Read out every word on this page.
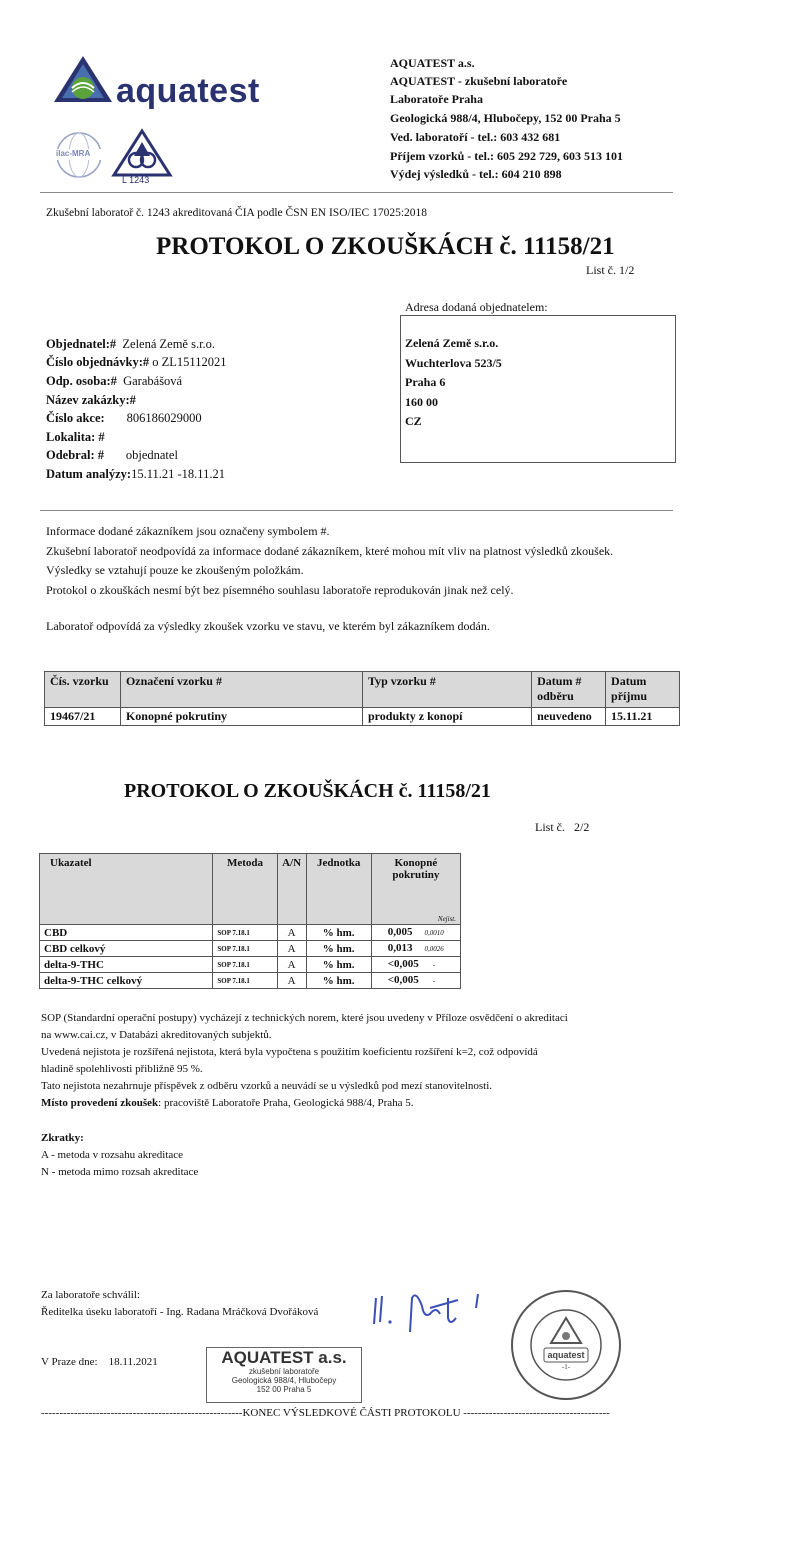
aquatest
ilac-MRA
L 1243
AQUATEST a.s.
AQUATEST - zkušební laboratoře
Laboratoře Praha
Geologická 988/4, Hlubočepy, 152 00 Praha 5
Ved. laboratoří - tel.: 603 432 681
Příjem vzorků - tel.: 605 292 729, 603 513 101
Výdej výsledků - tel.: 604 210 898
Zkušební laboratoř č. 1243 akreditovaná ČIA podle ČSN EN ISO/IEC 17025:2018
PROTOKOL O ZKOUŠKÁCH č. 11158/21
List č. 1/2
Adresa dodaná objednatelem:
Zelená Země s.r.o.
Wuchterlova 523/5
Praha 6
160 00
CZ
Objednatel:#  Zelená Země s.r.o.
Číslo objednávky:# o ZL15112021
Odp. osoba:#  Garabášová
Název zakázky:#
Číslo akce:       806186029000
Lokalita: #
Odebral: #       objednatel
Datum analýzy:15.11.21 -18.11.21
Informace dodané zákazníkem jsou označeny symbolem #.
Zkušební laboratoř neodpovídá za informace dodané zákazníkem, které mohou mít vliv na platnost výsledků zkoušek.
Výsledky se vztahují pouze ke zkoušeným položkám.
Protokol o zkouškách nesmí být bez písemného souhlasu laboratoře reprodukován jinak než celý.
Laboratoř odpovídá za výsledky zkoušek vzorku ve stavu, ve kterém byl zákazníkem dodán.
Čís. vzorku	Označení vzorku #	Typ vzorku #	Datum # odběru	Datum příjmu
19467/21	Konopné pokrutiny	produkty z konopí	neuvedeno	15.11.21
PROTOKOL O ZKOUŠKÁCH č. 11158/21
List č.   2/2
Ukazatel	Metoda	A/N	Jednotka	Konopné pokrutiny
Nejist.

CBD	SOP 7.18.1	A	% hm.	0,005 0,0010
CBD celkový	SOP 7.18.1	A	% hm.	0,013 0,0026
delta-9-THC	SOP 7.18.1	A	% hm.	<0,005 -
delta-9-THC celkový	SOP 7.18.1	A	% hm.	<0,005 -
SOP (Standardní operační postupy) vycházejí z technických norem, které jsou uvedeny v Příloze osvědčení o akreditaci
na www.cai.cz, v Databázi akreditovaných subjektů.
Uvedená nejistota je rozšířená nejistota, která byla vypočtena s použitím koeficientu rozšíření k=2, což odpovídá
hladině spolehlivosti přibližně 95 %.
Tato nejistota nezahrnuje příspěvek z odběru vzorků a neuvádí se u výsledků pod mezí stanovitelnosti.
Místo provedení zkoušek: pracoviště Laboratoře Praha, Geologická 988/4, Praha 5.
Zkratky:
A - metoda v rozsahu akreditace
N - metoda mimo rozsah akreditace
Za laboratoře schválil:
Ředitelka úseku laboratoří - Ing. Radana Mráčková Dvořáková
V Praze dne:    18.11.2021	AQUATEST a.s.
zkušební laboratoře
Geologická 988/4, Hlubočepy
152 00 Praha 5
aquatest
-1-
-------------------------------------------------------KONEC VÝSLEDKOVÉ ČÁSTI PROTOKOLU ----------------------------------------
